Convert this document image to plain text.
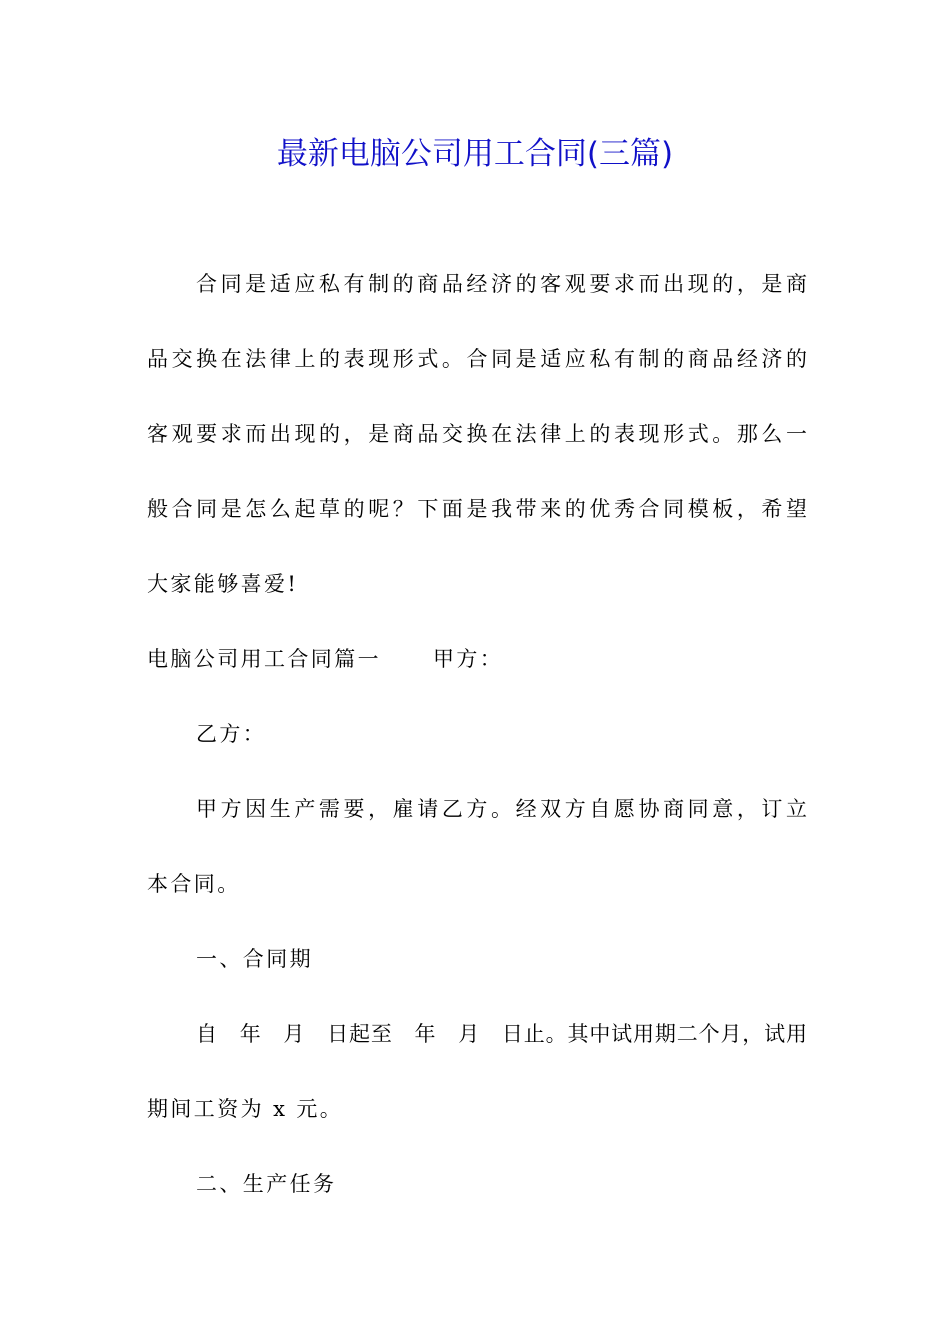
最新电脑公司用工合同(三篇)
合同是适应私有制的商品经济的客观要求而出现的，是商
品交换在法律上的表现形式。合同是适应私有制的商品经济的
客观要求而出现的，是商品交换在法律上的表现形式。那么一
般合同是怎么起草的呢？下面是我带来的优秀合同模板，希望
大家能够喜爱!
电脑公司用工合同篇一 甲方：
乙方：
甲方因生产需要，雇请乙方。经双方自愿协商同意，订立
本合同。
一、合同期
自　年　月　日起至　年　月　日止。其中试用期二个月，试用
期间工资为 x 元。
二、生产任务
